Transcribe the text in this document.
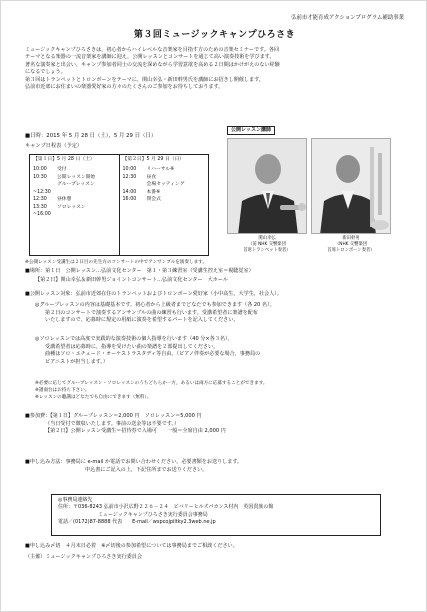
弘前市才能育成アクションプログラム補助事業
第３回ミュージックキャンプひろさき

ミュージックキャンプひろさきは，初心者からハイレベルな音楽家を目指す方のための音楽セミナーです。各回

テーマとなる楽器の一流音楽家を講師に迎え，公開レッスンとコンサートを通じて高い演奏技術を学びます。

著名な演奏家と出会い，キャンプ参加者同士の交流を深めながら学習意欲を高める２日間はかけがえのない経験

になるでしょう。

第３回はトランペットとトロンボーンをテーマに，関山幸弘・新田幹男氏を講師にお招きし開催します。

弘前市近郊にお住まいの楽器愛好家の方々のたくさんのご参加をお待ちしております。

■日時：2015 年 5 月 28 日（土），5 月 29 日（日）
キャンプ日程表（予定）
【第１日】5 月 28 日（土）
10:00	受付
10:30	公開レッスン開始
グループレッスン
~12:30
12:30	昼休憩
13:30	ソロレッスン
~16:00
【第２日】5 月 29 日（日）
10:00	リハーサル※
12:30	昼食
会場セッティング
14:00	本番※
16:00	閉会式
公開レッスン講師
関山幸弘
（前 NHK 交響楽団
首席トランペット奏者）
新田幹男
（NHK 交響楽団
首席トロンボーン奏者）
※公開レッスン受講生は２日目の先生方のコンサートの中でアンサンブルを演奏します。
■場所：第１日　公開レッスン…弘前文化センター　第１・第３練習室（受講生控え室＝視聴覚室）
【第２日】関山幸弘＆新田幹男ジョイントコンサート…弘前文化センター　大ホール
■公開レッスン対象：弘前市近郊在住のトランペットおよびトロンボーン愛好家（小中高生，大学生，社会人）。
◎グループレッスンの内容は基礎基本です。初心者から上級者までどなたでも参加できます（各 20 名）。
第２日のコンサートで演奏するアンサンブルの曲の練習も行います。受講希望者に楽譜を配布
いたしますので，応募時に規定の用紙に演奏を希望するパートを記入してください。
◎ソロレッスンでは高度で実践的な演奏技術の個人指導を行います（40 分×各３名）。
受講希望者は応募時に，指導を受けたい曲の楽譜を２部提出してください。
曲種はソロ・エチュード・オーケストラスタディ等自由。（ピアノ伴奏が必要な場合，事務局の
ピアニストが担当します。）
※必要に応じてグループレッスン・ソロレッスンのうちどちらか一方，あるいは両方に応募することができます。
※譜面台はお持ち下さい。
※レッスンの聴講はどなたでも自由にできます（無料）。
■参加費：【第１日】グループレッスン＝2,000 円　ソロレッスン＝5,000 円
（当日受付で徴収いたします。事前の送金等は不要です。）
【第２日】公開レッスン受講生＝招待券で入場可　　一般＝全席自由 2,000 円
■申し込み方法：事務局に e-mail か電話でお問い合わせください。必要書類をお送りします。
申込書にご記入の上，下記住所までお送りください。
◎事務局連絡先
住所：〒036-8243 弘前市小沢広野２２６－２４　ビバリーヒルズパカンス村内　英国貴族の館
ミュージックキャンプひろさき実行委員会事務局
電話／(0172)87-8888 代表　　E-mail／wspcojpiltky2.3web.ne.jp
■申し込み〆切　４月末日必着　※〆切後の参加希望については事務局までご相談ください。
（主催）ミュージックキャンプひろさき実行委員会
